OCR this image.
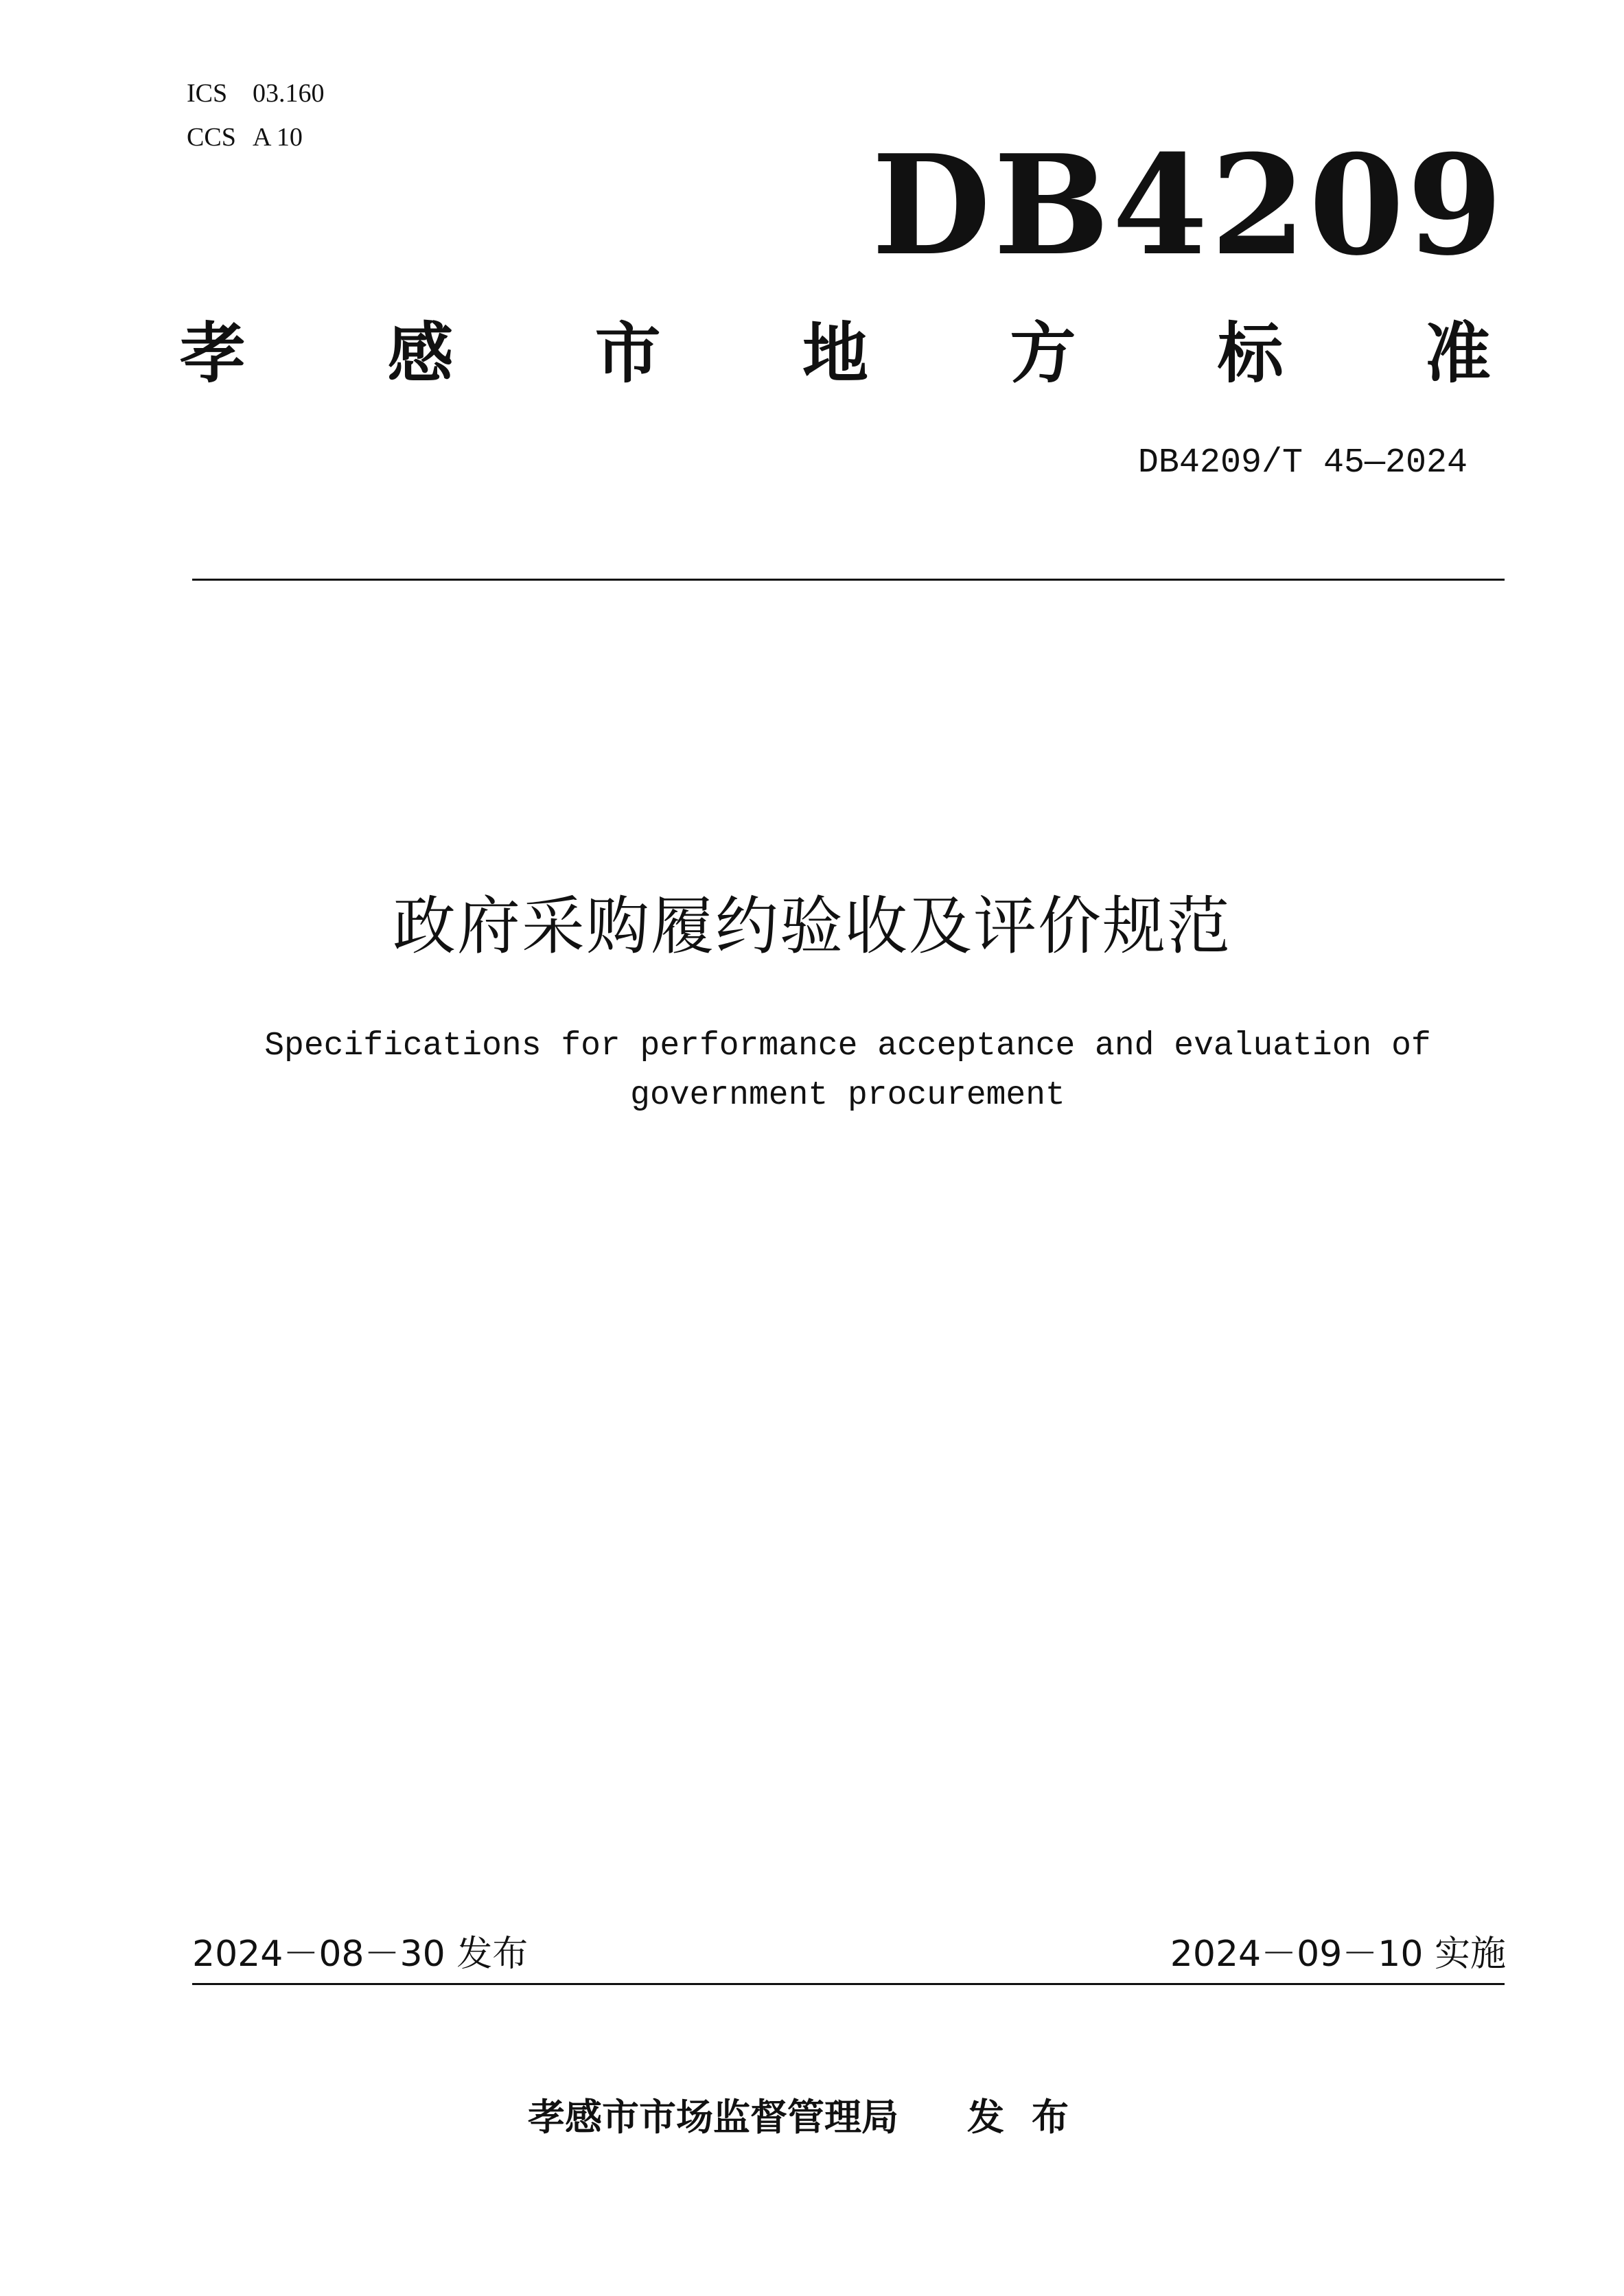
ICS 03.160
CCS A 10	DB4209
孝 感 市 地 方 标 准
DB4209/T 45—2024
政府采购履约验收及评价规范
Specifications for performance acceptance and evaluation of government procurement
2024－08－30 发布	2024－09－10 实施
孝感市市场监督管理局 发布
